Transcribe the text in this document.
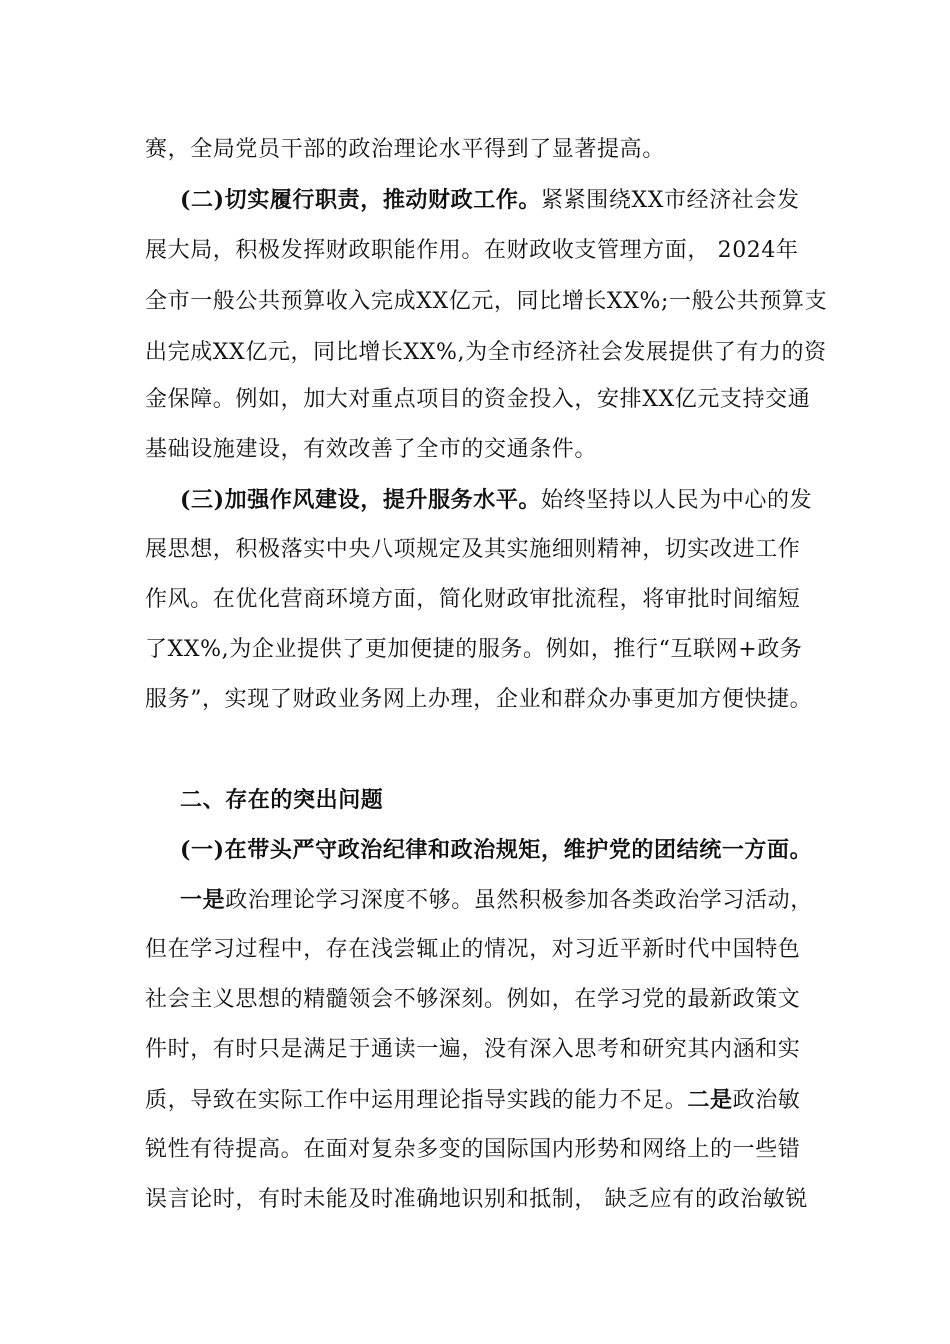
赛，全局党员干部的政治理论水平得到了显著提高。
(二)切实履行职责，推动财政工作。紧紧围绕XX市经济社会发
展大局，积极发挥财政职能作用。在财政收支管理方面， 2024年
全市一般公共预算收入完成XX亿元，同比增长XX%;一般公共预算支
出完成XX亿元，同比增长XX%,为全市经济社会发展提供了有力的资
金保障。例如，加大对重点项目的资金投入，安排XX亿元支持交通
基础设施建设，有效改善了全市的交通条件。
(三)加强作风建设，提升服务水平。始终坚持以人民为中心的发
展思想，积极落实中央八项规定及其实施细则精神，切实改进工作
作风。在优化营商环境方面，简化财政审批流程，将审批时间缩短
了XX%,为企业提供了更加便捷的服务。例如，推行“互联网+政务
服务”，实现了财政业务网上办理，企业和群众办事更加方便快捷。
二、存在的突出问题
(一)在带头严守政治纪律和政治规矩，维护党的团结统一方面。
一是政治理论学习深度不够。虽然积极参加各类政治学习活动，
但在学习过程中，存在浅尝辄止的情况，对习近平新时代中国特色
社会主义思想的精髓领会不够深刻。例如，在学习党的最新政策文
件时，有时只是满足于通读一遍，没有深入思考和研究其内涵和实
质，导致在实际工作中运用理论指导实践的能力不足。二是政治敏
锐性有待提高。在面对复杂多变的国际国内形势和网络上的一些错
误言论时，有时未能及时准确地识别和抵制， 缺乏应有的政治敏锐
